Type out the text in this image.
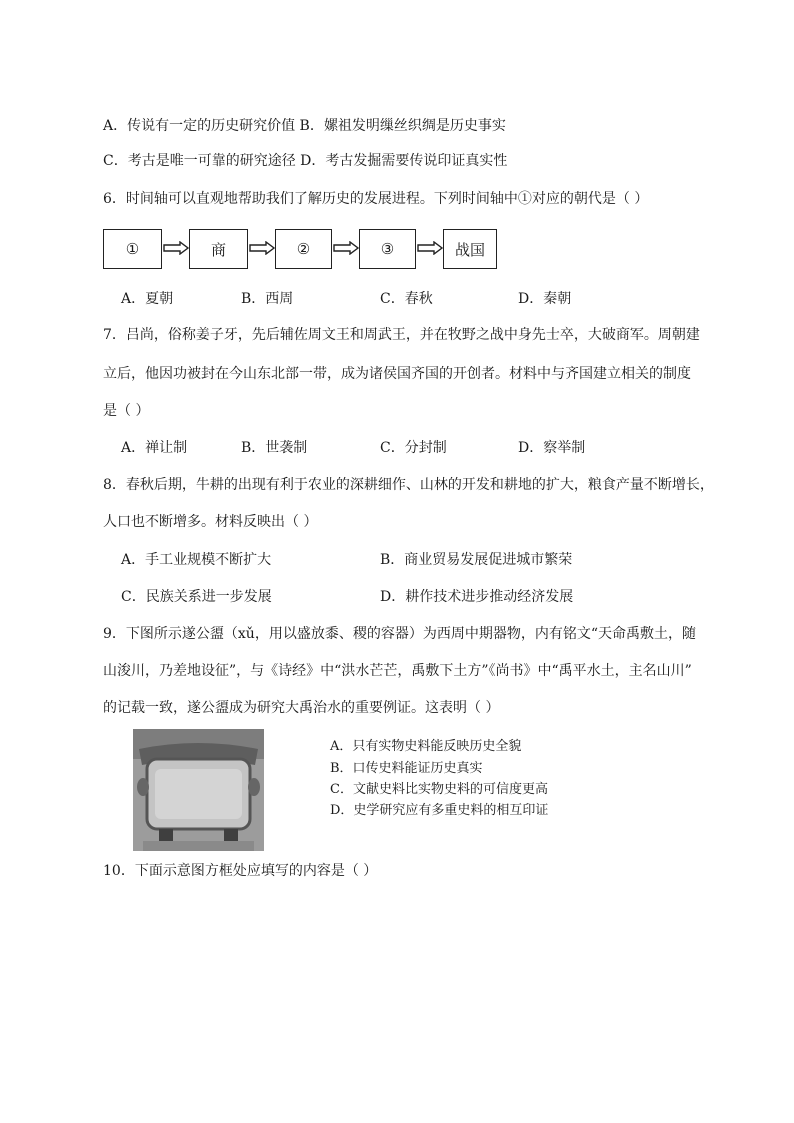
A．传说有一定的历史研究价值 B．嫘祖发明缫丝织绸是历史事实
C．考古是唯一可靠的研究途径 D．考古发掘需要传说印证真实性
6．时间轴可以直观地帮助我们了解历史的发展进程。下列时间轴中①对应的朝代是（ ）
①	商	②	③	战国
A．夏朝	B．西周	C．春秋	D．秦朝
7．吕尚，俗称姜子牙，先后辅佐周文王和周武王，并在牧野之战中身先士卒，大破商军。周朝建
立后，他因功被封在今山东北部一带，成为诸侯国齐国的开创者。材料中与齐国建立相关的制度
是（ ）
A．禅让制	B．世袭制	C．分封制	D．察举制
8．春秋后期，牛耕的出现有利于农业的深耕细作、山林的开发和耕地的扩大，粮食产量不断增长，
人口也不断增多。材料反映出（ ）
A．手工业规模不断扩大	B．商业贸易发展促进城市繁荣
C．民族关系进一步发展	D．耕作技术进步推动经济发展
9．下图所示遂公盨（xǔ，用以盛放黍、稷的容器）为西周中期器物，内有铭文“天命禹敷土，随
山浚川，乃差地设征”，与《诗经》中“洪水芒芒，禹敷下土方”《尚书》中“禹平水土，主名山川”
的记载一致，遂公盨成为研究大禹治水的重要例证。这表明（ ）
A．只有实物史料能反映历史全貌
B．口传史料能证历史真实
C．文献史料比实物史料的可信度更高
D．史学研究应有多重史料的相互印证
10．下面示意图方框处应填写的内容是（ ）
